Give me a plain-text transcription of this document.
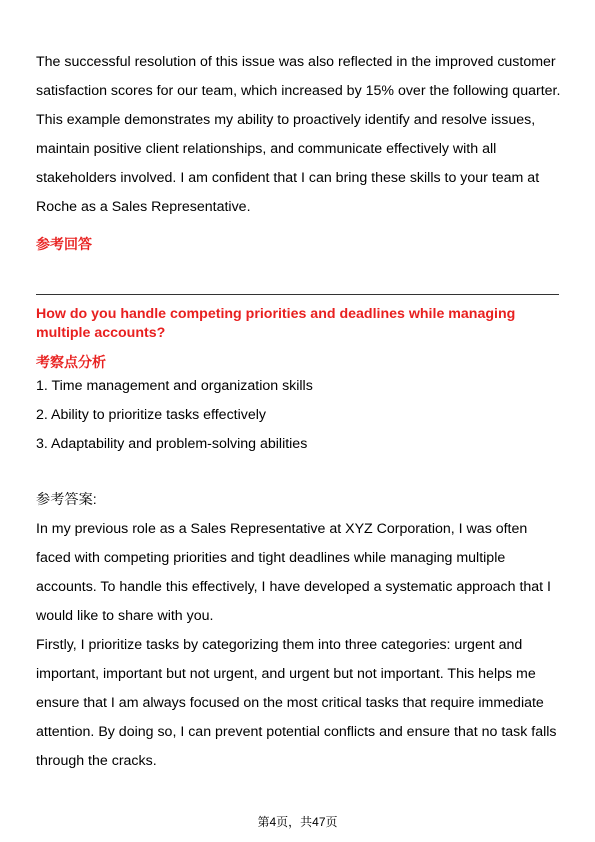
The successful resolution of this issue was also reflected in the improved customer satisfaction scores for our team, which increased by 15% over the following quarter. This example demonstrates my ability to proactively identify and resolve issues, maintain positive client relationships, and communicate effectively with all stakeholders involved. I am confident that I can bring these skills to your team at Roche as a Sales Representative.

参考回答

How do you handle competing priorities and deadlines while managing multiple accounts?

考察点分析

1. Time management and organization skills

2. Ability to prioritize tasks effectively

3. Adaptability and problem-solving abilities

参考答案:

In my previous role as a Sales Representative at XYZ Corporation, I was often faced with competing priorities and tight deadlines while managing multiple accounts. To handle this effectively, I have developed a systematic approach that I would like to share with you.

Firstly, I prioritize tasks by categorizing them into three categories: urgent and important, important but not urgent, and urgent but not important. This helps me ensure that I am always focused on the most critical tasks that require immediate attention. By doing so, I can prevent potential conflicts and ensure that no task falls through the cracks.

第4页，共47页
